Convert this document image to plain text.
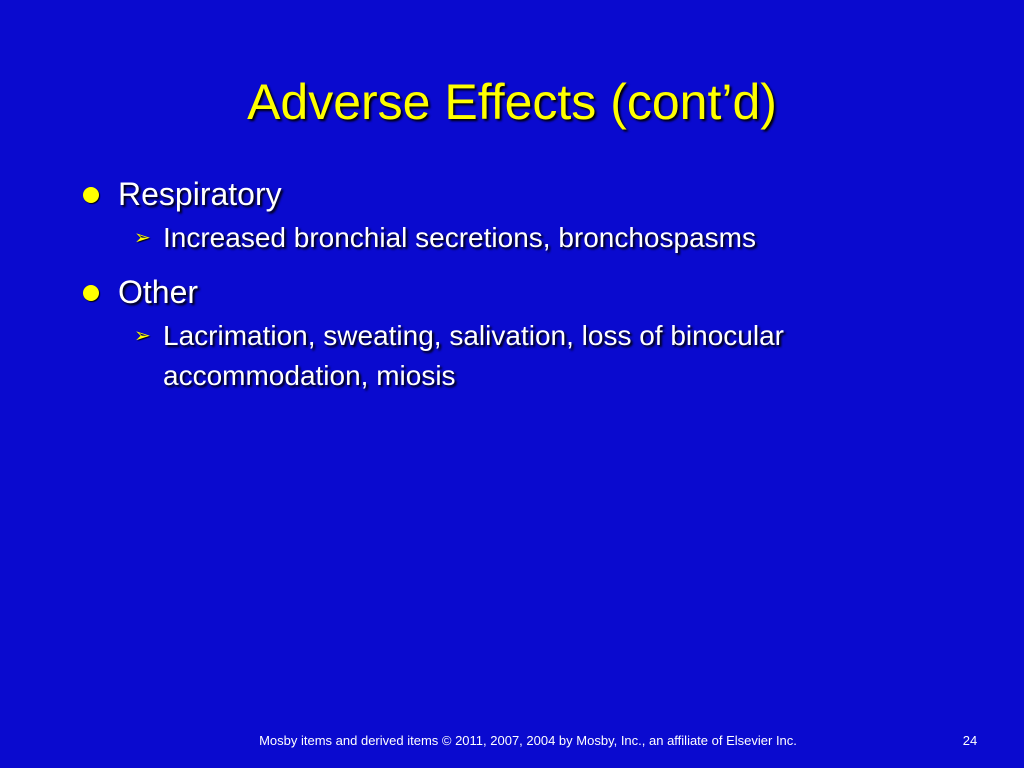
Adverse Effects (cont’d)
Respiratory
➢ Increased bronchial secretions, bronchospasms
Other
➢ Lacrimation, sweating, salivation, loss of binocular accommodation, miosis
Mosby items and derived items © 2011, 2007, 2004 by Mosby, Inc., an affiliate of Elsevier Inc.	24
